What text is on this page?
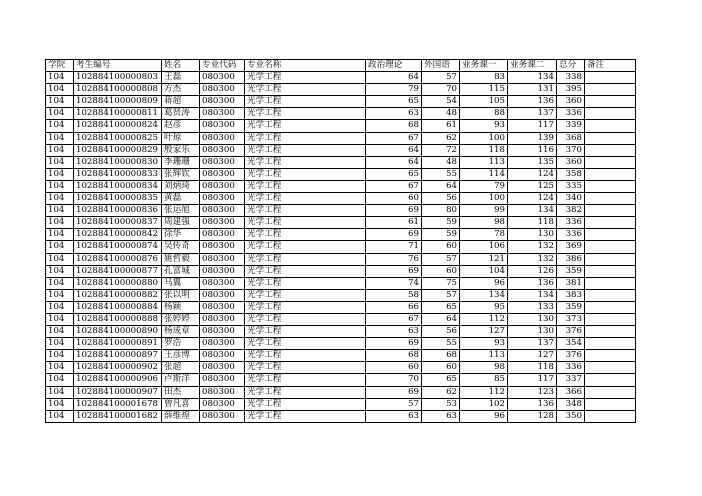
学院	考生编号	姓名	专业代码	专业名称	政治理论	外国语	业务课一	业务课二	总分	备注
104	102884100000803	王磊	080300	光学工程	64	57	83	134	338	
104	102884100000808	方杰	080300	光学工程	79	70	115	131	395	
104	102884100000809	蒋超	080300	光学工程	65	54	105	136	360	
104	102884100000811	葛贤涛	080300	光学工程	63	48	88	137	336	
104	102884100000824	赵彦	080300	光学工程	68	61	93	117	339	
104	102884100000825	叶琼	080300	光学工程	67	62	100	139	368	
104	102884100000829	殷家乐	080300	光学工程	64	72	118	116	370	
104	102884100000830	李珊珊	080300	光学工程	64	48	113	135	360	
104	102884100000833	张辉钦	080300	光学工程	65	55	114	124	358	
104	102884100000834	刘炳琦	080300	光学工程	67	64	79	125	335	
104	102884100000835	黄磊	080300	光学工程	60	56	100	124	340	
104	102884100000836	张运旭	080300	光学工程	69	80	99	134	382	
104	102884100000837	周建强	080300	光学工程	61	59	98	118	336	
104	102884100000842	徐华	080300	光学工程	69	59	78	130	336	
104	102884100000874	吴传奇	080300	光学工程	71	60	106	132	369	
104	102884100000876	姚哲毅	080300	光学工程	76	57	121	132	386	
104	102884100000877	孔富城	080300	光学工程	69	60	104	126	359	
104	102884100000880	马翼	080300	光学工程	74	75	96	136	381	
104	102884100000882	张以明	080300	光学工程	58	57	134	134	383	
104	102884100000884	杨颖	080300	光学工程	66	65	95	133	359	
104	102884100000888	张婷婷	080300	光学工程	67	64	112	130	373	
104	102884100000890	杨成章	080300	光学工程	63	56	127	130	376	
104	102884100000891	罗浩	080300	光学工程	69	55	93	137	354	
104	102884100000897	王彦博	080300	光学工程	68	68	113	127	376	
104	102884100000902	张超	080300	光学工程	60	60	98	118	336	
104	102884100000906	卢斯洋	080300	光学工程	70	65	85	117	337	
104	102884100000907	田杰	080300	光学工程	69	62	112	123	366	
104	102884100001678	曾凡喜	080300	光学工程	57	53	102	136	348	
104	102884100001682	薛维煌	080300	光学工程	63	63	96	128	350	
